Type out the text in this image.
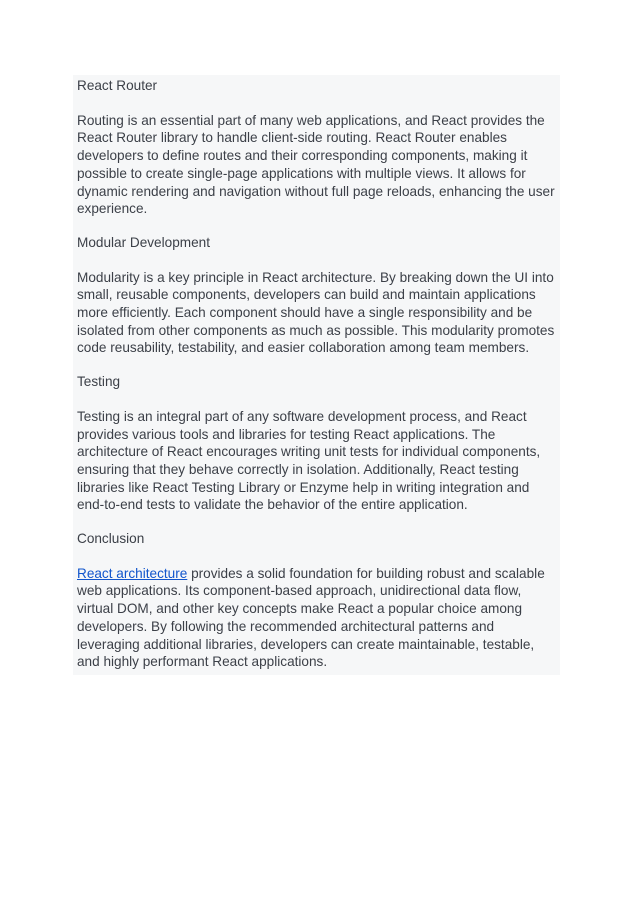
React Router

Routing is an essential part of many web applications, and React provides the React Router library to handle client-side routing. React Router enables developers to define routes and their corresponding components, making it possible to create single-page applications with multiple views. It allows for dynamic rendering and navigation without full page reloads, enhancing the user experience.

Modular Development

Modularity is a key principle in React architecture. By breaking down the UI into small, reusable components, developers can build and maintain applications more efficiently. Each component should have a single responsibility and be isolated from other components as much as possible. This modularity promotes code reusability, testability, and easier collaboration among team members.

Testing

Testing is an integral part of any software development process, and React provides various tools and libraries for testing React applications. The architecture of React encourages writing unit tests for individual components, ensuring that they behave correctly in isolation. Additionally, React testing libraries like React Testing Library or Enzyme help in writing integration and end-to-end tests to validate the behavior of the entire application.

Conclusion

React architecture provides a solid foundation for building robust and scalable web applications. Its component-based approach, unidirectional data flow, virtual DOM, and other key concepts make React a popular choice among developers. By following the recommended architectural patterns and leveraging additional libraries, developers can create maintainable, testable, and highly performant React applications.
